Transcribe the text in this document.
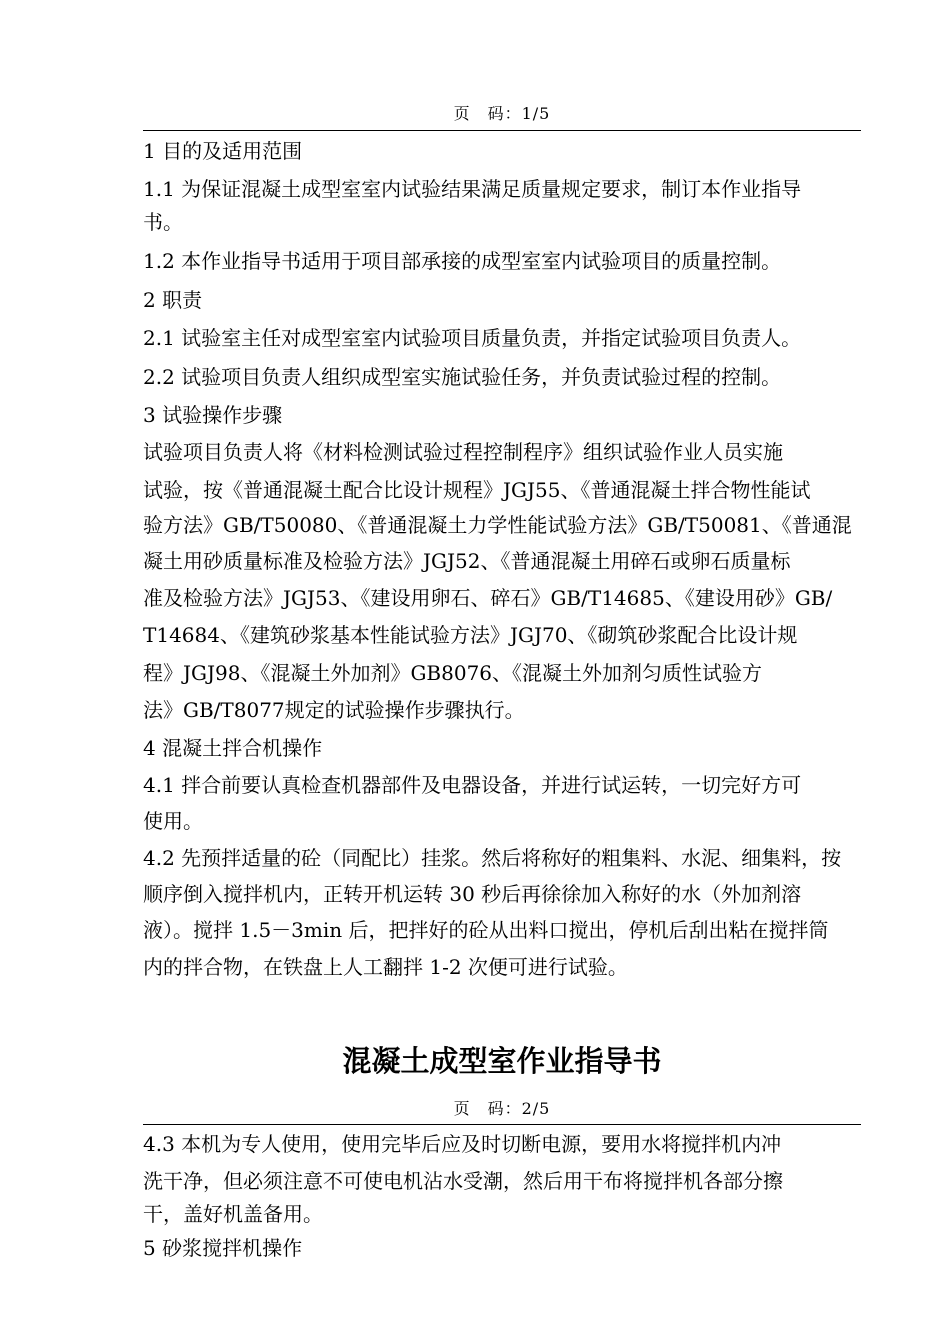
页　码：1/5
1 目的及适用范围
1.1 为保证混凝土成型室室内试验结果满足质量规定要求，制订本作业指导
书。
1.2 本作业指导书适用于项目部承接的成型室室内试验项目的质量控制。
2 职责
2.1 试验室主任对成型室室内试验项目质量负责，并指定试验项目负责人。
2.2 试验项目负责人组织成型室实施试验任务，并负责试验过程的控制。
3 试验操作步骤
试验项目负责人将《材料检测试验过程控制程序》组织试验作业人员实施
试验，按《普通混凝土配合比设计规程》JGJ55、《普通混凝土拌合物性能试
验方法》GB/T50080、《普通混凝土力学性能试验方法》GB/T50081、《普通混
凝土用砂质量标准及检验方法》JGJ52、《普通混凝土用碎石或卵石质量标
准及检验方法》JGJ53、《建设用卵石、碎石》GB/T14685、《建设用砂》GB/
T14684、《建筑砂浆基本性能试验方法》JGJ70、《砌筑砂浆配合比设计规
程》JGJ98、《混凝土外加剂》GB8076、《混凝土外加剂匀质性试验方
法》GB/T8077规定的试验操作步骤执行。
4 混凝土拌合机操作
4.1 拌合前要认真检查机器部件及电器设备，并进行试运转，一切完好方可
使用。
4.2 先预拌适量的砼（同配比）挂浆。然后将称好的粗集料、水泥、细集料，按
顺序倒入搅拌机内，正转开机运转 30 秒后再徐徐加入称好的水（外加剂溶
液）。搅拌 1.5－3min 后，把拌好的砼从出料口搅出，停机后刮出粘在搅拌筒
内的拌合物，在铁盘上人工翻拌 1-2 次便可进行试验。
混凝土成型室作业指导书
页　码：2/5
4.3 本机为专人使用，使用完毕后应及时切断电源，要用水将搅拌机内冲
洗干净，但必须注意不可使电机沾水受潮，然后用干布将搅拌机各部分擦
干，盖好机盖备用。
5 砂浆搅拌机操作
